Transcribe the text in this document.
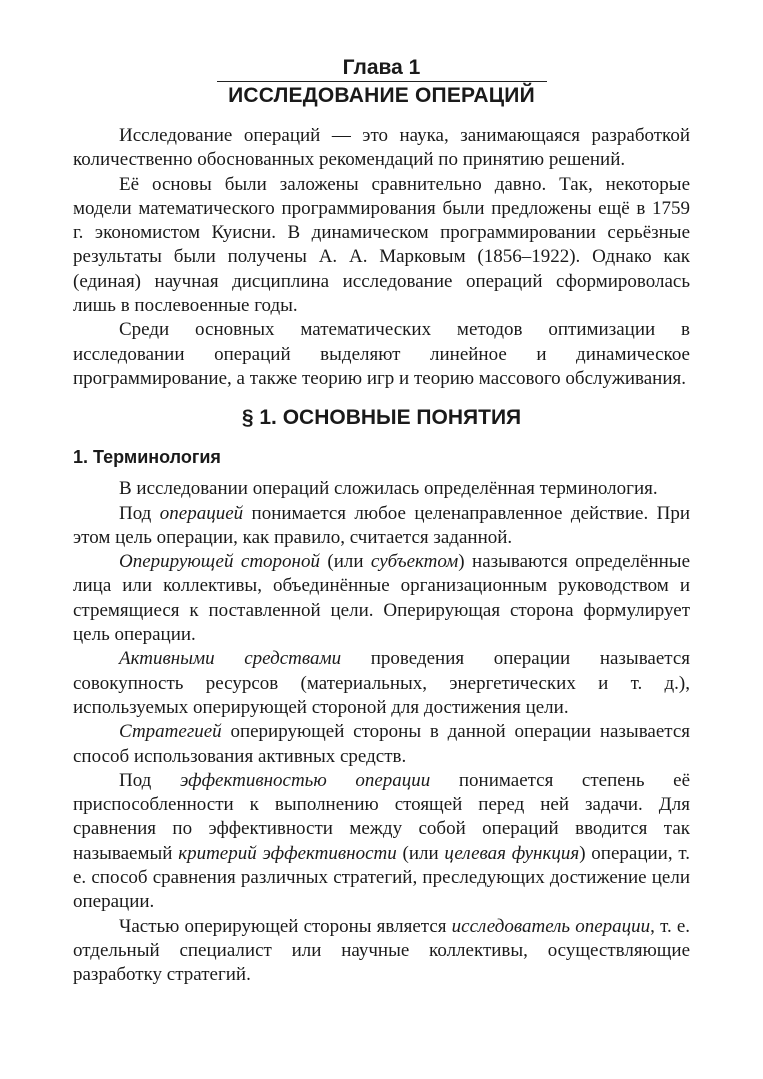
Глава 1
ИССЛЕДОВАНИЕ ОПЕРАЦИЙ

Исследование операций — это наука, занимающаяся разработкой количественно обоснованных рекомендаций по принятию решений.

Её основы были заложены сравнительно давно. Так, некоторые модели математического программирования были предложены ещё в 1759 г. экономистом Куисни. В динамическом программировании серьёзные результаты были получены А. А. Марковым (1856–1922). Однако как (единая) научная дисциплина исследование операций сформироволась лишь в послевоенные годы.

Среди основных математических методов оптимизации в исследовании операций выделяют линейное и динамическое программирование, а также теорию игр и теорию массового обслуживания.

§ 1. ОСНОВНЫЕ ПОНЯТИЯ
1. Терминология

В исследовании операций сложилась определённая терминология.

Под операцией понимается любое целенаправленное действие. При этом цель операции, как правило, считается заданной.

Оперирующей стороной (или субъектом) называются определённые лица или коллективы, объединённые организационным руководством и стремящиеся к поставленной цели. Оперирующая сторона формулирует цель операции.

Активными средствами проведения операции называется совокупность ресурсов (материальных, энергетических и т. д.), используемых оперирующей стороной для достижения цели.

Стратегией оперирующей стороны в данной операции называется способ использования активных средств.

Под эффективностью операции понимается степень её приспособленности к выполнению стоящей перед ней задачи. Для сравнения по эффективности между собой операций вводится так называемый критерий эффективности (или целевая функция) операции, т. е. способ сравнения различных стратегий, преследующих достижение цели операции.

Частью оперирующей стороны является исследователь операции, т. е. отдельный специалист или научные коллективы, осуществляющие разработку стратегий.
